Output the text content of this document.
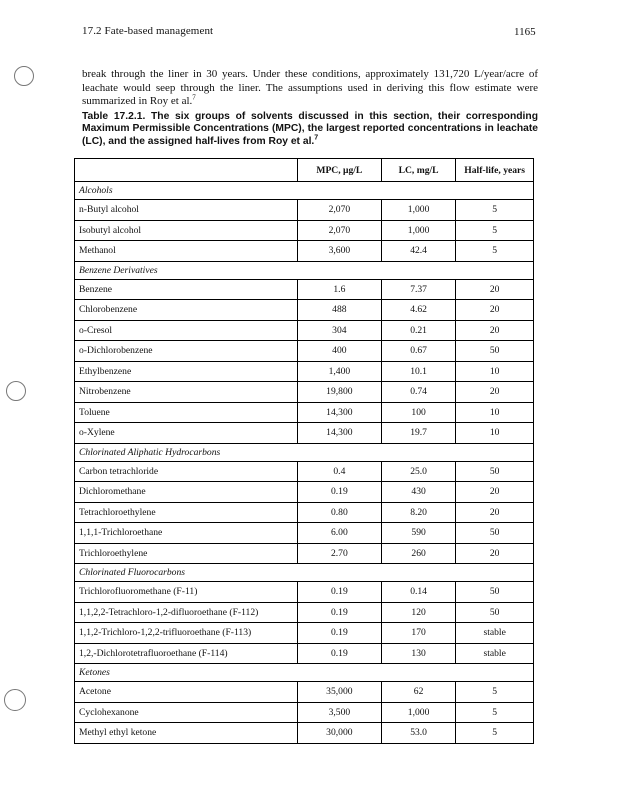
17.2 Fate-based management	1165
break through the liner in 30 years. Under these conditions, approximately 131,720 L/year/acre of leachate would seep through the liner. The assumptions used in deriving this flow estimate were summarized in Roy et al.$^7$
Table 17.2.1. The six groups of solvents discussed in this section, their corresponding Maximum Permissible Concentrations (MPC), the largest reported concentrations in leachate (LC), and the assigned half-lives from Roy et al.$^7$
	MPC, μg/L	LC, mg/L	Half-life, years
Alcohols			
n-Butyl alcohol	2,070	1,000	5
Isobutyl alcohol	2,070	1,000	5
Methanol	3,600	42.4	5
Benzene Derivatives			
Benzene	1.6	7.37	20
Chlorobenzene	488	4.62	20
o-Cresol	304	0.21	20
o-Dichlorobenzene	400	0.67	50
Ethylbenzene	1,400	10.1	10
Nitrobenzene	19,800	0.74	20
Toluene	14,300	100	10
o-Xylene	14,300	19.7	10
Chlorinated Aliphatic Hydrocarbons			
Carbon tetrachloride	0.4	25.0	50
Dichloromethane	0.19	430	20
Tetrachloroethylene	0.80	8.20	20
1,1,1-Trichloroethane	6.00	590	50
Trichloroethylene	2.70	260	20
Chlorinated Fluorocarbons			
Trichlorofluoromethane (F-11)	0.19	0.14	50
1,1,2,2-Tetrachloro-1,2-difluoroethane (F-112)	0.19	120	50
1,1,2-Trichloro-1,2,2-trifluoroethane (F-113)	0.19	170	stable
1,2,-Dichlorotetrafluoroethane (F-114)	0.19	130	stable
Ketones			
Acetone	35,000	62	5
Cyclohexanone	3,500	1,000	5
Methyl ethyl ketone	30,000	53.0	5
